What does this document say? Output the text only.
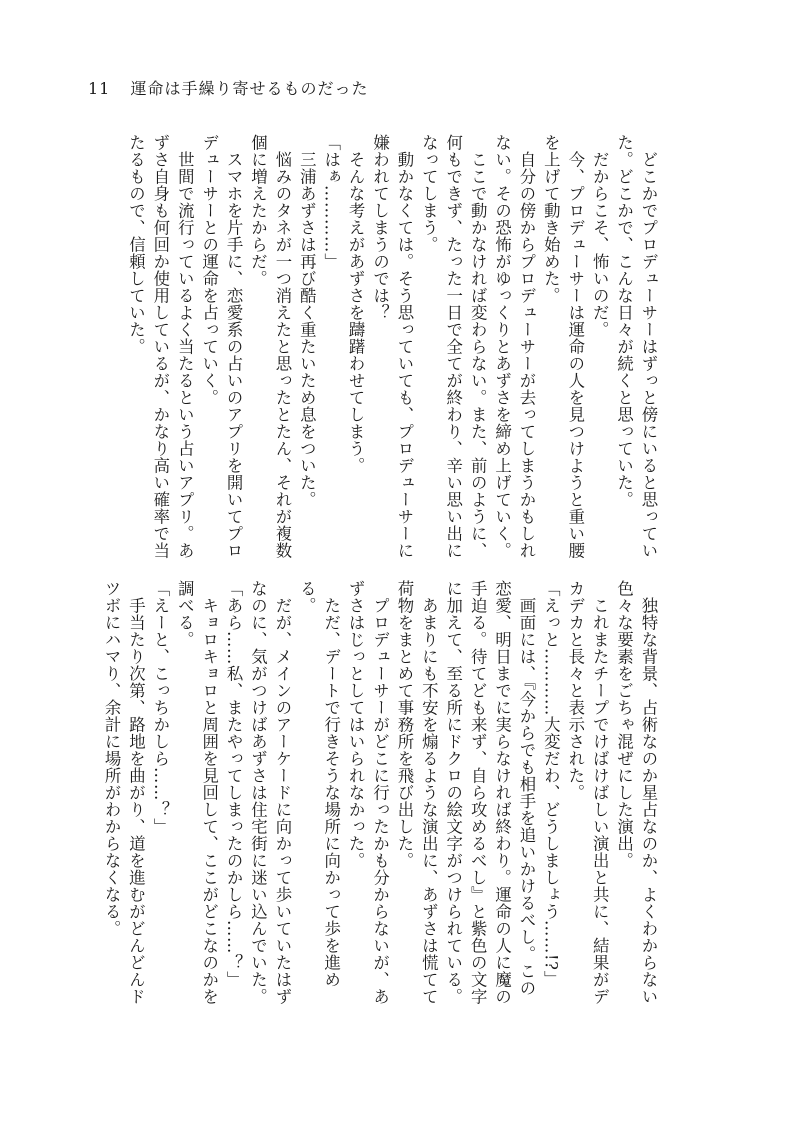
11 運命は手繰り寄せるものだった

　どこかでプロデューサーはずっと傍にいると思っていた。どこかで、こんな日々が続くと思っていた。

　だからこそ、怖いのだ。

　今、プロデューサーは運命の人を見つけようと重い腰を上げて動き始めた。

　自分の傍からプロデューサーが去ってしまうかもしれない。その恐怖がゆっくりとあずさを締め上げていく。

　ここで動かなければ変わらない。また、前のように、何もできず、たった一日で全てが終わり、辛い思い出になってしまう。

　動かなくては。そう思っていても、プロデューサーに嫌われてしまうのでは？

　そんな考えがあずさを躊躇わせてしまう。

「はぁ…………」

　三浦あずさは再び酷く重たいため息をついた。

　悩みのタネが一つ消えたと思ったとたん、それが複数個に増えたからだ。

　スマホを片手に、恋愛系の占いのアプリを開いてプロデューサーとの運命を占っていく。

　世間で流行っているよく当たるという占いアプリ。あずさ自身も何回か使用しているが、かなり高い確率で当たるもので、信頼していた。

　独特な背景、占術なのか星占なのか、よくわからない色々な要素をごちゃ混ぜにした演出。

　これまたチープでけばけばしい演出と共に、結果がデカデカと長々と表示された。

「えっと…………大変だわ、どうしましょう……!?」

　画面には、『今からでも相手を追いかけるべし。この恋愛、明日までに実らなければ終わり。運命の人に魔の手迫る。待てども来ず、自ら攻めるべし』と紫色の文字に加えて、至る所にドクロの絵文字がつけられている。

　あまりにも不安を煽るような演出に、あずさは慌てて荷物をまとめて事務所を飛び出した。

　プロデューサーがどこに行ったかも分からないが、あずさはじっとしてはいられなかった。

　ただ、デートで行きそうな場所に向かって歩を進める。

　だが、メインのアーケードに向かって歩いていたはずなのに、気がつけばあずさは住宅街に迷い込んでいた。

「あら……私、またやってしまったのかしら……？」

　キョロキョロと周囲を見回して、ここがどこなのかを調べる。

「えーと、こっちかしら……？」

　手当たり次第、路地を曲がり、道を進むがどんどんドツボにハマり、余計に場所がわからなくなる。
